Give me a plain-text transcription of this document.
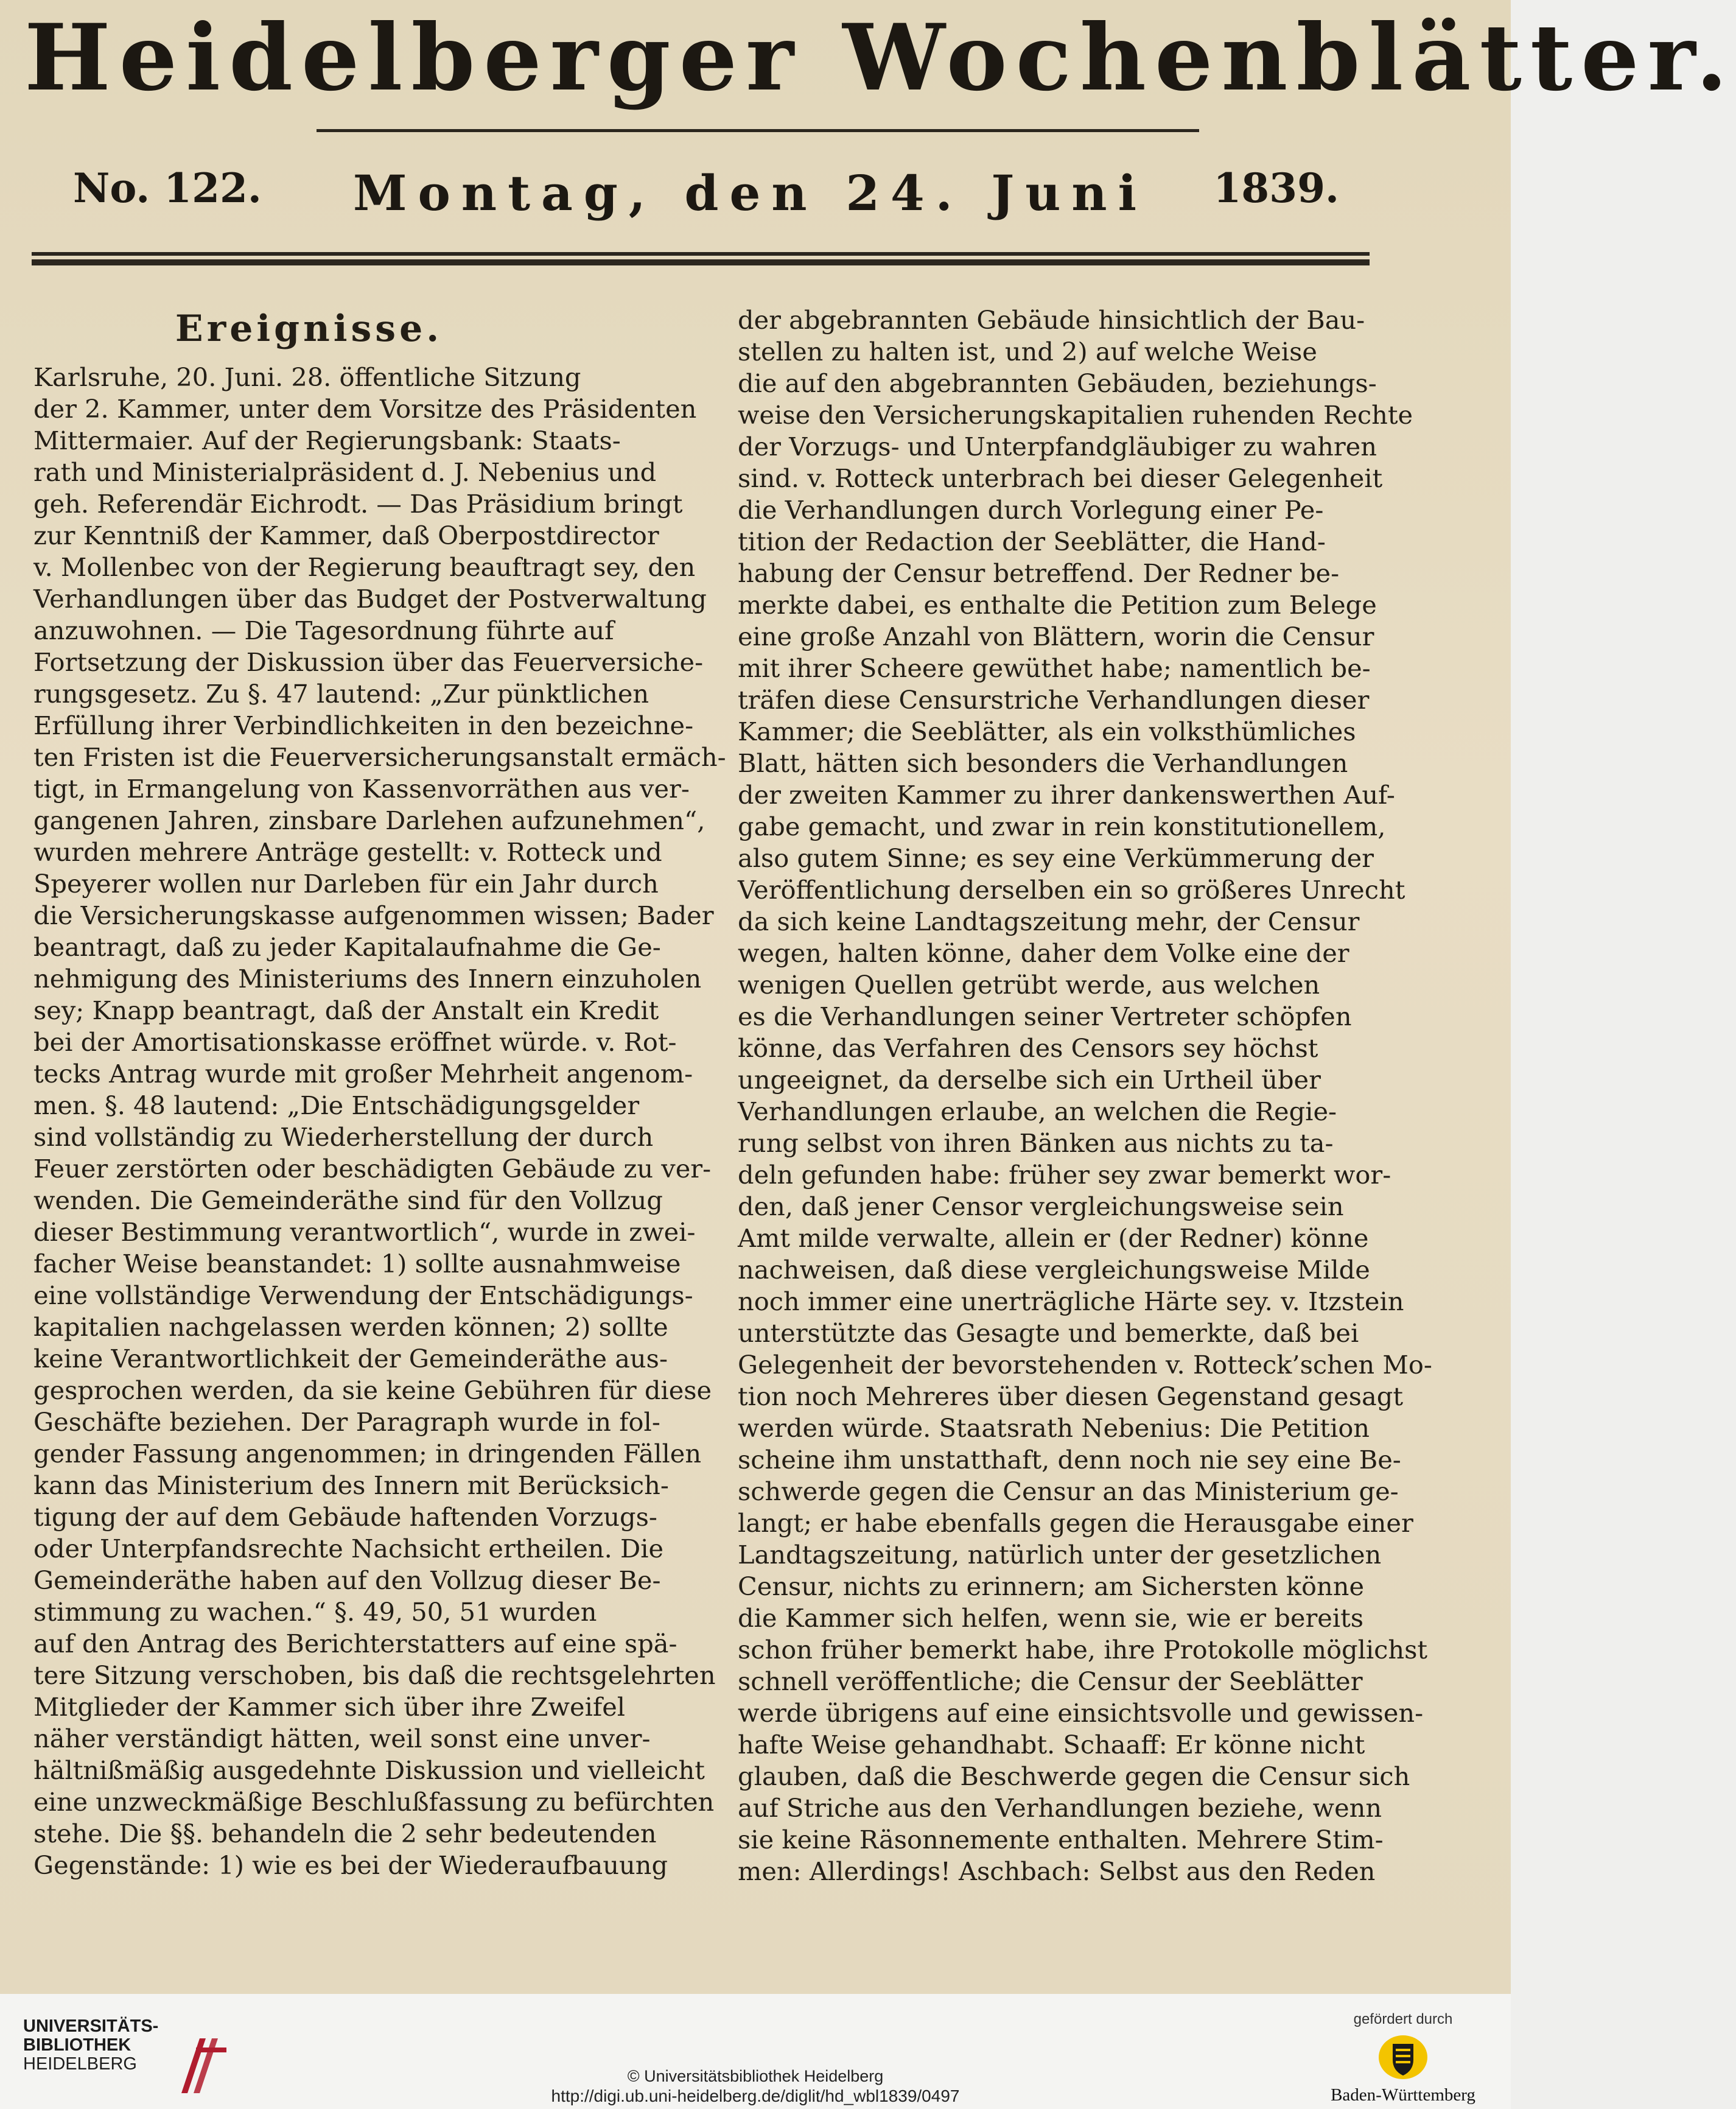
Heidelberger Wochenblätter.
No. 122. Montag, den 24. Juni 1839.
Ereignisse.
Karlsruhe, 20. Juni. 28. öffentliche Sitzung
der 2. Kammer, unter dem Vorsitze des Präsidenten
Mittermaier. Auf der Regierungsbank: Staats-
rath und Ministerialpräsident d. J. Nebenius und
geh. Referendär Eichrodt. — Das Präsidium bringt
zur Kenntniß der Kammer, daß Oberpostdirector
v. Mollenbec von der Regierung beauftragt sey, den
Verhandlungen über das Budget der Postverwaltung
anzuwohnen. — Die Tagesordnung führte auf
Fortsetzung der Diskussion über das Feuerversiche-
rungsgesetz. Zu §. 47 lautend: „Zur pünktlichen
Erfüllung ihrer Verbindlichkeiten in den bezeichne-
ten Fristen ist die Feuerversicherungsanstalt ermäch-
tigt, in Ermangelung von Kassenvorräthen aus ver-
gangenen Jahren, zinsbare Darlehen aufzunehmen“,
wurden mehrere Anträge gestellt: v. Rotteck und
Speyerer wollen nur Darleben für ein Jahr durch
die Versicherungskasse aufgenommen wissen; Bader
beantragt, daß zu jeder Kapitalaufnahme die Ge-
nehmigung des Ministeriums des Innern einzuholen
sey; Knapp beantragt, daß der Anstalt ein Kredit
bei der Amortisationskasse eröffnet würde. v. Rot-
tecks Antrag wurde mit großer Mehrheit angenom-
men. §. 48 lautend: „Die Entschädigungsgelder
sind vollständig zu Wiederherstellung der durch
Feuer zerstörten oder beschädigten Gebäude zu ver-
wenden. Die Gemeinderäthe sind für den Vollzug
dieser Bestimmung verantwortlich“, wurde in zwei-
facher Weise beanstandet: 1) sollte ausnahmweise
eine vollständige Verwendung der Entschädigungs-
kapitalien nachgelassen werden können; 2) sollte
keine Verantwortlichkeit der Gemeinderäthe aus-
gesprochen werden, da sie keine Gebühren für diese
Geschäfte beziehen. Der Paragraph wurde in fol-
gender Fassung angenommen; in dringenden Fällen
kann das Ministerium des Innern mit Berücksich-
tigung der auf dem Gebäude haftenden Vorzugs-
oder Unterpfandsrechte Nachsicht ertheilen. Die
Gemeinderäthe haben auf den Vollzug dieser Be-
stimmung zu wachen.“ §. 49, 50, 51 wurden
auf den Antrag des Berichterstatters auf eine spä-
tere Sitzung verschoben, bis daß die rechtsgelehrten
Mitglieder der Kammer sich über ihre Zweifel
näher verständigt hätten, weil sonst eine unver-
hältnißmäßig ausgedehnte Diskussion und vielleicht
eine unzweckmäßige Beschlußfassung zu befürchten
stehe. Die §§. behandeln die 2 sehr bedeutenden
Gegenstände: 1) wie es bei der Wiederaufbauung
der abgebrannten Gebäude hinsichtlich der Bau-
stellen zu halten ist, und 2) auf welche Weise
die auf den abgebrannten Gebäuden, beziehungs-
weise den Versicherungskapitalien ruhenden Rechte
der Vorzugs- und Unterpfandgläubiger zu wahren
sind. v. Rotteck unterbrach bei dieser Gelegenheit
die Verhandlungen durch Vorlegung einer Pe-
tition der Redaction der Seeblätter, die Hand-
habung der Censur betreffend. Der Redner be-
merkte dabei, es enthalte die Petition zum Belege
eine große Anzahl von Blättern, worin die Censur
mit ihrer Scheere gewüthet habe; namentlich be-
träfen diese Censurstriche Verhandlungen dieser
Kammer; die Seeblätter, als ein volksthümliches
Blatt, hätten sich besonders die Verhandlungen
der zweiten Kammer zu ihrer dankenswerthen Auf-
gabe gemacht, und zwar in rein konstitutionellem,
also gutem Sinne; es sey eine Verkümmerung der
Veröffentlichung derselben ein so größeres Unrecht
da sich keine Landtagszeitung mehr, der Censur
wegen, halten könne, daher dem Volke eine der
wenigen Quellen getrübt werde, aus welchen
es die Verhandlungen seiner Vertreter schöpfen
könne, das Verfahren des Censors sey höchst
ungeeignet, da derselbe sich ein Urtheil über
Verhandlungen erlaube, an welchen die Regie-
rung selbst von ihren Bänken aus nichts zu ta-
deln gefunden habe: früher sey zwar bemerkt wor-
den, daß jener Censor vergleichungsweise sein
Amt milde verwalte, allein er (der Redner) könne
nachweisen, daß diese vergleichungsweise Milde
noch immer eine unerträgliche Härte sey. v. Itzstein
unterstützte das Gesagte und bemerkte, daß bei
Gelegenheit der bevorstehenden v. Rotteck’schen Mo-
tion noch Mehreres über diesen Gegenstand gesagt
werden würde. Staatsrath Nebenius: Die Petition
scheine ihm unstatthaft, denn noch nie sey eine Be-
schwerde gegen die Censur an das Ministerium ge-
langt; er habe ebenfalls gegen die Herausgabe einer
Landtagszeitung, natürlich unter der gesetzlichen
Censur, nichts zu erinnern; am Sichersten könne
die Kammer sich helfen, wenn sie, wie er bereits
schon früher bemerkt habe, ihre Protokolle möglichst
schnell veröffentliche; die Censur der Seeblätter
werde übrigens auf eine einsichtsvolle und gewissen-
hafte Weise gehandhabt. Schaaff: Er könne nicht
glauben, daß die Beschwerde gegen die Censur sich
auf Striche aus den Verhandlungen beziehe, wenn
sie keine Räsonnemente enthalten. Mehrere Stim-
men: Allerdings! Aschbach: Selbst aus den Reden
UNIVERSITÄTS-
BIBLIOTHEK
HEIDELBERG
© Universitätsbibliothek Heidelberg
http://digi.ub.uni-heidelberg.de/diglit/hd_wbl1839/0497
gefördert durch
Baden-Württemberg
